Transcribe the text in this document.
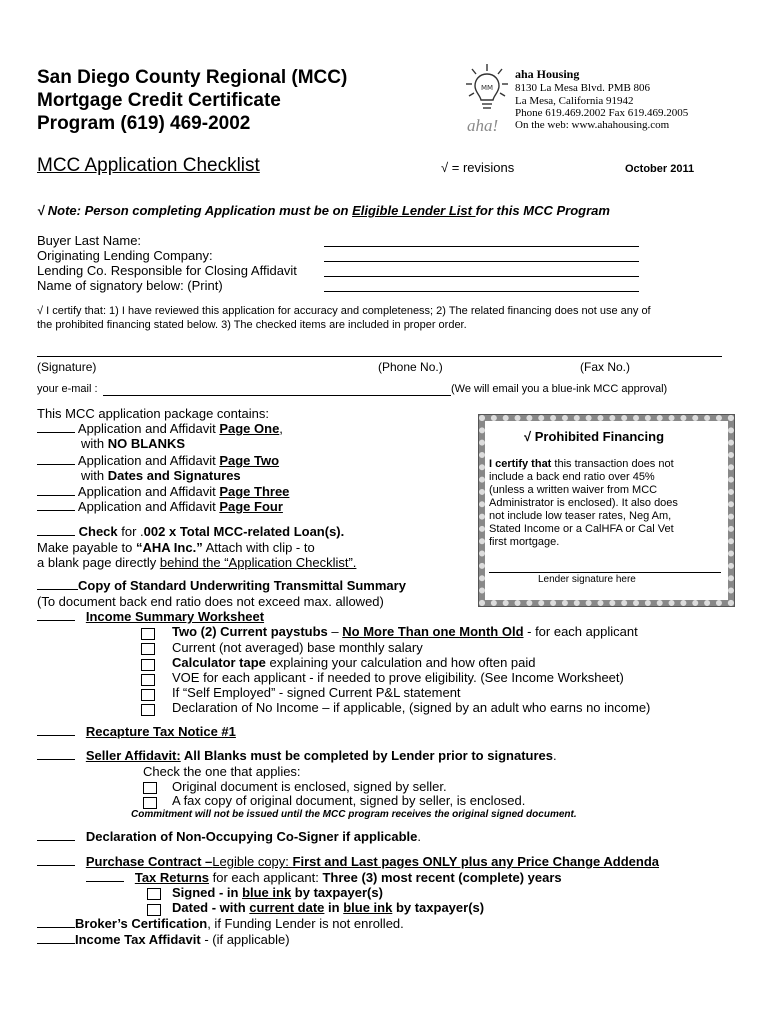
San Diego County Regional (MCC)
Mortgage Credit Certificate
Program (619) 469-2002
MM
aha!
aha Housing
8130 La Mesa Blvd. PMB 806
La Mesa, California 91942
Phone 619.469.2002 Fax 619.469.2005
On the web: www.ahahousing.com
MCC Application Checklist	√ = revisions	October 2011
√ Note: Person completing Application must be on Eligible Lender List for this MCC Program
Buyer Last Name:
Originating Lending Company:
Lending Co. Responsible for Closing Affidavit
Name of signatory below: (Print)
√ I certify that: 1) I have reviewed this application for accuracy and completeness; 2) The related financing does not use any of
the prohibited financing stated below. 3) The checked items are included in proper order.
(Signature)	(Phone No.)	(Fax No.)
your e-mail :	(We will email you a blue-ink MCC approval)
This MCC application package contains:
Application and Affidavit Page One,
with NO BLANKS
Application and Affidavit Page Two
with Dates and Signatures
Application and Affidavit Page Three
Application and Affidavit Page Four
Check for .002 x Total MCC-related Loan(s).
Make payable to “AHA Inc.” Attach with clip - to
a blank page directly behind the “Application Checklist”.
Copy of Standard Underwriting Transmittal Summary
(To document back end ratio does not exceed max. allowed)
Income Summary Worksheet
√ Prohibited Financing
I certify that this transaction does not
include a back end ratio over 45%
(unless a written waiver from MCC
Administrator is enclosed). It also does
not include low teaser rates, Neg Am,
Stated Income or a CalHFA or Cal Vet
first mortgage.
Lender signature here
Two (2) Current paystubs – No More Than one Month Old - for each applicant
Current (not averaged) base monthly salary
Calculator tape explaining your calculation and how often paid
VOE for each applicant - if needed to prove eligibility. (See Income Worksheet)
If “Self Employed” - signed Current P&L statement
Declaration of No Income – if applicable, (signed by an adult who earns no income)
Recapture Tax Notice #1
Seller Affidavit: All Blanks must be completed by Lender prior to signatures.
Check the one that applies:
Original document is enclosed, signed by seller.
A fax copy of original document, signed by seller, is enclosed.
Commitment will not be issued until the MCC program receives the original signed document.
Declaration of Non-Occupying Co-Signer if applicable.
Purchase Contract –Legible copy: First and Last pages ONLY plus any Price Change Addenda
Tax Returns for each applicant: Three (3) most recent (complete) years
Signed - in blue ink by taxpayer(s)
Dated - with current date in blue ink by taxpayer(s)
Broker’s Certification, if Funding Lender is not enrolled.
Income Tax Affidavit - (if applicable)
